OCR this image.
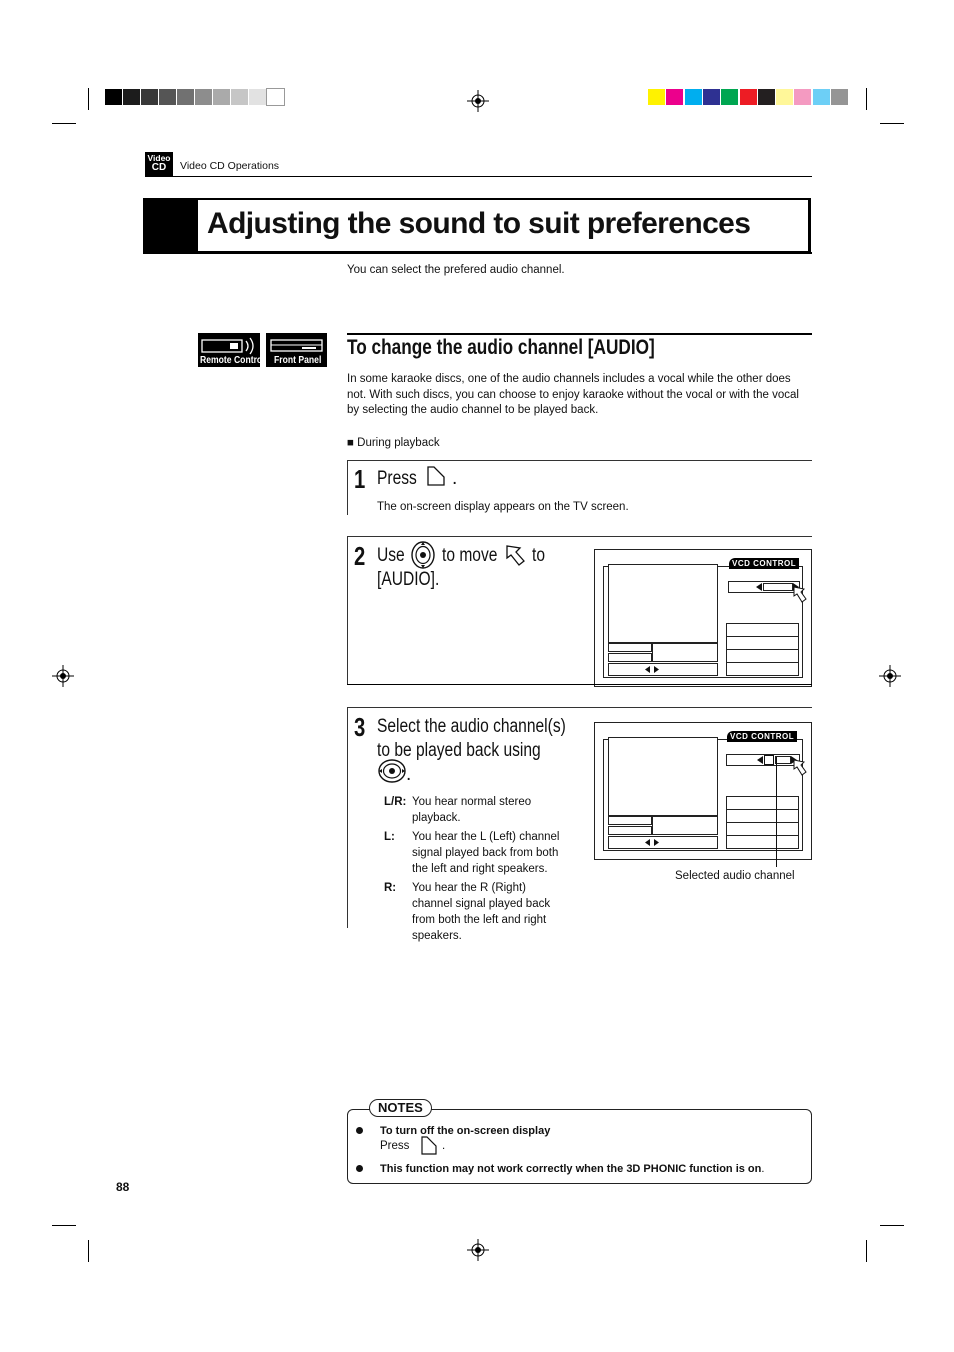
Video
CD	Video CD Operations
Adjusting the sound to suit preferences
You can select the prefered audio channel.
Remote Control Front Panel
To change the audio channel [AUDIO]
In some karaoke discs, one of the audio channels includes a vocal while the other does not. With such discs, you can choose to enjoy karaoke without the vocal or with the vocal by selecting the audio channel to be played back.
■ During playback
1 Press .
The on-screen display appears on the TV screen.
2 Use to move to
[AUDIO].
VCD CONTROL
3 Select the audio channel(s)
to be played back using
.
L/R: You hear normal stereo
playback.
L: You hear the L (Left) channel
signal played back from both
the left and right speakers.
R: You hear the R (Right)
channel signal played back
from both the left and right
speakers.
VCD CONTROL
Selected audio channel
NOTES
To turn off the on-screen display
Press	.
This function may not work correctly when the 3D PHONIC function is on.
88
